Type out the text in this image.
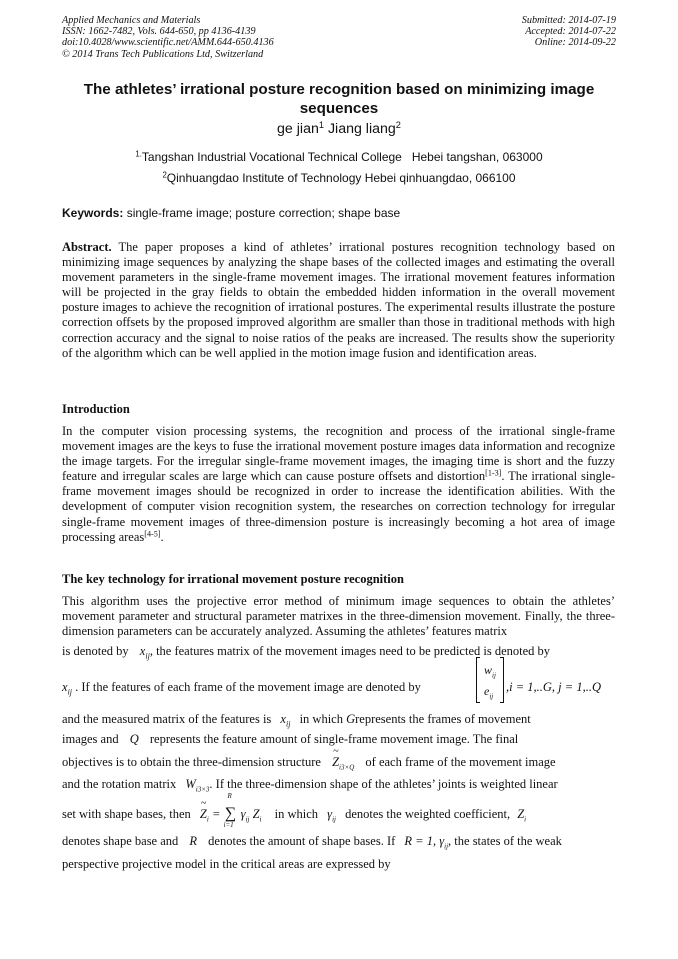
Applied Mechanics and Materials
ISSN: 1662-7482, Vols. 644-650, pp 4136-4139
doi:10.4028/www.scientific.net/AMM.644-650.4136
© 2014 Trans Tech Publications Ltd, Switzerland
Submitted: 2014-07-19
Accepted: 2014-07-22
Online: 2014-09-22
The athletes’ irrational posture recognition based on minimizing image sequences
ge jian$^1$ Jiang liang$^2$
$^{1.}$Tangshan Industrial Vocational Technical College   Hebei tangshan, 063000
$^2$Qinhuangdao Institute of Technology Hebei qinhuangdao, 066100
Keywords: single-frame image; posture correction; shape base
Abstract. The paper proposes a kind of athletes’ irrational postures recognition technology based on minimizing image sequences by analyzing the shape bases of the collected images and estimating the overall movement parameters in the single-frame movement images. The irrational movement features information will be projected in the gray fields to obtain the embedded hidden information in the overall movement posture images to achieve the recognition of irrational postures. The experimental results illustrate the posture correction offsets by the proposed improved algorithm are smaller than those in traditional methods with high correction accuracy and the signal to noise ratios of the peaks are increased. The results show the superiority of the algorithm which can be well applied in the motion image fusion and identification areas.
Introduction
In the computer vision processing systems, the recognition and process of the irrational single-frame movement images are the keys to fuse the irrational movement posture images data information and recognize the image targets. For the irregular single-frame movement images, the imaging time is short and the fuzzy feature and irregular scales are large which can cause posture offsets and distortion[1-3]. The irrational single-frame movement images should be recognized in order to increase the identification abilities. With the development of computer vision recognition system, the researches on correction technology for irregular single-frame movement images of three-dimension posture is increasingly becoming a hot area of image processing areas[4-5].
The key technology for irrational movement posture recognition
This algorithm uses the projective error method of minimum image sequences to obtain the athletes’ movement parameter and structural parameter matrixes in the three-dimension movement. Finally, the three-dimension parameters can be accurately analyzed. Assuming the athletes’ features matrix
is denoted by $x_{ij}$, the features matrix of the movement images need to be predicted is denoted by
$x_{ij}$ . If the features of each frame of the movement image are denoted by
$w_{ij}$
$e_{ij}$
,i = 1,..G, j = 1,..Q
and the measured matrix of the features is $x_{ij}$ in which Grepresents the frames of movement
images and Q represents the feature amount of single-frame movement image. The final
objectives is to obtain the three-dimension structure
~
$Z_{i3\times Q}$ of each frame of the movement image
and the rotation matrix $W_{i3\times 3}$. If the three-dimension shape of the athletes’ joints is weighted linear
set with shape bases, then
~
$Z_i$ =
R
∑
i=1
$\gamma_{ij}$ $Z_i$ in which $\gamma_{ij}$ denotes the weighted coefficient, $Z_i$
denotes shape base and R denotes the amount of shape bases. If R = 1, $\gamma_{ij}$, the states of the weak
perspective projective model in the critical areas are expressed by
